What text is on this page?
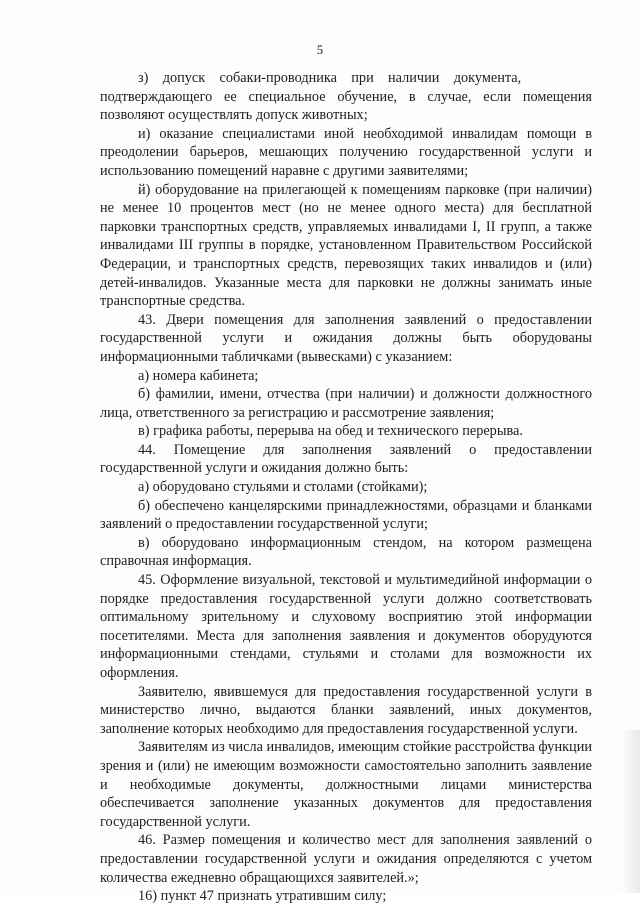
5

з) допуск собаки-проводника при наличии документа, подтверждающего ее специальное обучение, в случае, если помещения позволяют осуществлять допуск животных;

и) оказание специалистами иной необходимой инвалидам помощи в преодолении барьеров, мешающих получению государственной услуги и использованию помещений наравне с другими заявителями;

й) оборудование на прилегающей к помещениям парковке (при наличии) не менее 10 процентов мест (но не менее одного места) для бесплатной парковки транспортных средств, управляемых инвалидами I, II групп, а также инвалидами III группы в порядке, установленном Правительством Российской Федерации, и транспортных средств, перевозящих таких инвалидов и (или) детей-инвалидов. Указанные места для парковки не должны занимать иные транспортные средства.

43. Двери помещения для заполнения заявлений о предоставлении государственной услуги и ожидания должны быть оборудованы информационными табличками (вывесками) с указанием:

а) номера кабинета;

б) фамилии, имени, отчества (при наличии) и должности должностного лица, ответственного за регистрацию и рассмотрение заявления;

в) графика работы, перерыва на обед и технического перерыва.

44. Помещение для заполнения заявлений о предоставлении государственной услуги и ожидания должно быть:

а) оборудовано стульями и столами (стойками);

б) обеспечено канцелярскими принадлежностями, образцами и бланками заявлений о предоставлении государственной услуги;

в) оборудовано информационным стендом, на котором размещена справочная информация.

45. Оформление визуальной, текстовой и мультимедийной информации о порядке предоставления государственной услуги должно соответствовать оптимальному зрительному и слуховому восприятию этой информации посетителями. Места для заполнения заявления и документов оборудуются информационными стендами, стульями и столами для возможности их оформления.

Заявителю, явившемуся для предоставления государственной услуги в министерство лично, выдаются бланки заявлений, иных документов, заполнение которых необходимо для предоставления государственной услуги.

Заявителям из числа инвалидов, имеющим стойкие расстройства функции зрения и (или) не имеющим возможности самостоятельно заполнить заявление и необходимые документы, должностными лицами министерства обеспечивается заполнение указанных документов для предоставления государственной услуги.

46. Размер помещения и количество мест для заполнения заявлений о предоставлении государственной услуги и ожидания определяются с учетом количества ежедневно обращающихся заявителей.»;

16) пункт 47 признать утратившим силу;
